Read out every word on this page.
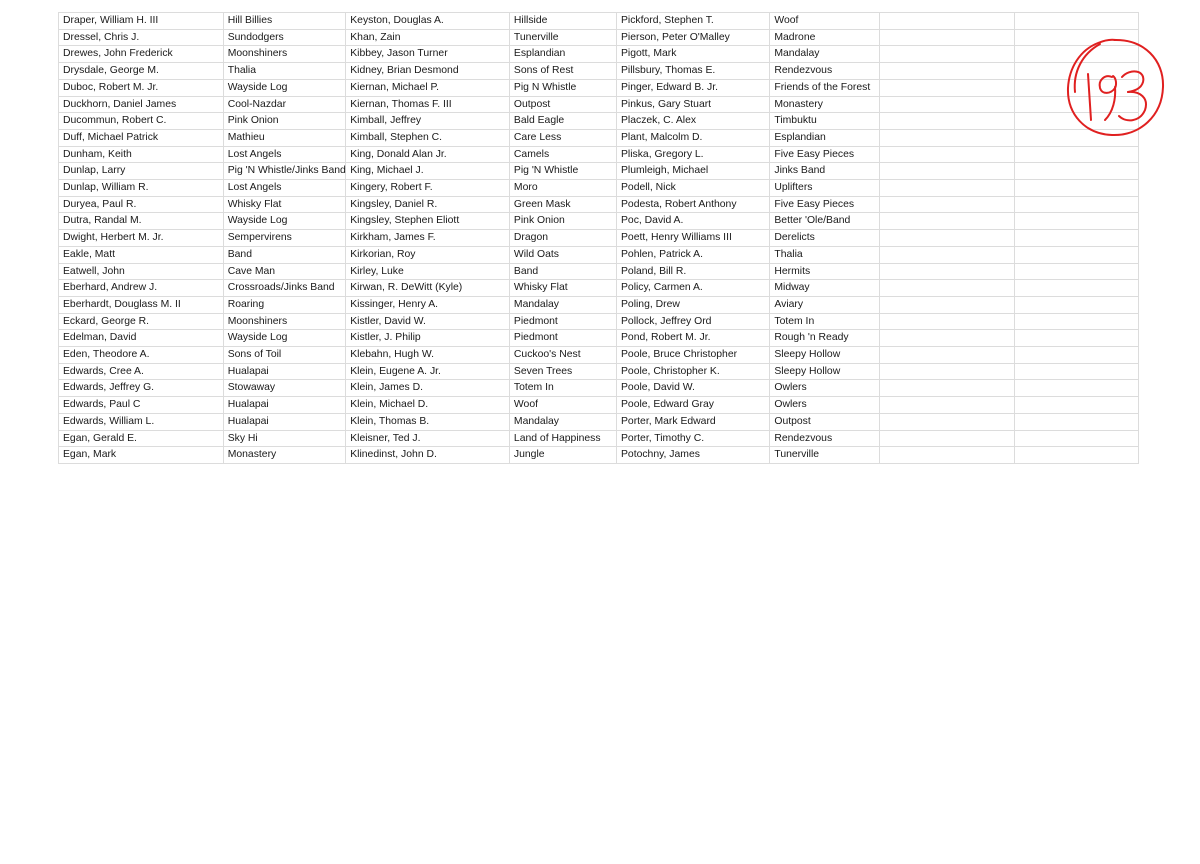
Draper, William H. III	Hill Billies	Keyston, Douglas A.	Hillside	Pickford, Stephen T.	Woof		
Dressel, Chris J.	Sundodgers	Khan, Zain	Tunerville	Pierson, Peter O'Malley	Madrone		
Drewes, John Frederick	Moonshiners	Kibbey, Jason Turner	Esplandian	Pigott, Mark	Mandalay		
Drysdale, George M.	Thalia	Kidney, Brian Desmond	Sons of Rest	Pillsbury, Thomas E.	Rendezvous		
Duboc, Robert M. Jr.	Wayside Log	Kiernan, Michael P.	Pig N Whistle	Pinger, Edward B. Jr.	Friends of the Forest		
Duckhorn, Daniel James	Cool-Nazdar	Kiernan, Thomas F. III	Outpost	Pinkus, Gary Stuart	Monastery		
Ducommun, Robert C.	Pink Onion	Kimball, Jeffrey	Bald Eagle	Placzek, C. Alex	Timbuktu		
Duff, Michael Patrick	Mathieu	Kimball, Stephen C.	Care Less	Plant, Malcolm D.	Esplandian		
Dunham, Keith	Lost Angels	King, Donald Alan Jr.	Camels	Pliska, Gregory L.	Five Easy Pieces		
Dunlap, Larry	Pig 'N Whistle/Jinks Band	King, Michael J.	Pig 'N Whistle	Plumleigh, Michael	Jinks Band		
Dunlap, William R.	Lost Angels	Kingery, Robert F.	Moro	Podell, Nick	Uplifters		
Duryea, Paul R.	Whisky Flat	Kingsley, Daniel R.	Green Mask	Podesta, Robert Anthony	Five Easy Pieces		
Dutra, Randal M.	Wayside Log	Kingsley, Stephen Eliott	Pink Onion	Poc, David A.	Better 'Ole/Band		
Dwight, Herbert M. Jr.	Sempervirens	Kirkham, James F.	Dragon	Poett, Henry Williams III	Derelicts		
Eakle, Matt	Band	Kirkorian, Roy	Wild Oats	Pohlen, Patrick A.	Thalia		
Eatwell, John	Cave Man	Kirley, Luke	Band	Poland, Bill R.	Hermits		
Eberhard, Andrew J.	Crossroads/Jinks Band	Kirwan, R. DeWitt (Kyle)	Whisky Flat	Policy, Carmen A.	Midway		
Eberhardt, Douglass M. II	Roaring	Kissinger, Henry A.	Mandalay	Poling, Drew	Aviary		
Eckard, George R.	Moonshiners	Kistler, David W.	Piedmont	Pollock, Jeffrey Ord	Totem In		
Edelman, David	Wayside Log	Kistler, J. Philip	Piedmont	Pond, Robert M. Jr.	Rough 'n Ready		
Eden, Theodore A.	Sons of Toil	Klebahn, Hugh W.	Cuckoo's Nest	Poole, Bruce Christopher	Sleepy Hollow		
Edwards, Cree A.	Hualapai	Klein, Eugene A. Jr.	Seven Trees	Poole, Christopher K.	Sleepy Hollow		
Edwards, Jeffrey G.	Stowaway	Klein, James D.	Totem In	Poole, David W.	Owlers		
Edwards, Paul C	Hualapai	Klein, Michael D.	Woof	Poole, Edward Gray	Owlers		
Edwards, William L.	Hualapai	Klein, Thomas B.	Mandalay	Porter, Mark Edward	Outpost		
Egan, Gerald E.	Sky Hi	Kleisner, Ted J.	Land of Happiness	Porter, Timothy C.	Rendezvous		
Egan, Mark	Monastery	Klinedinst, John D.	Jungle	Potochny, James	Tunerville		
